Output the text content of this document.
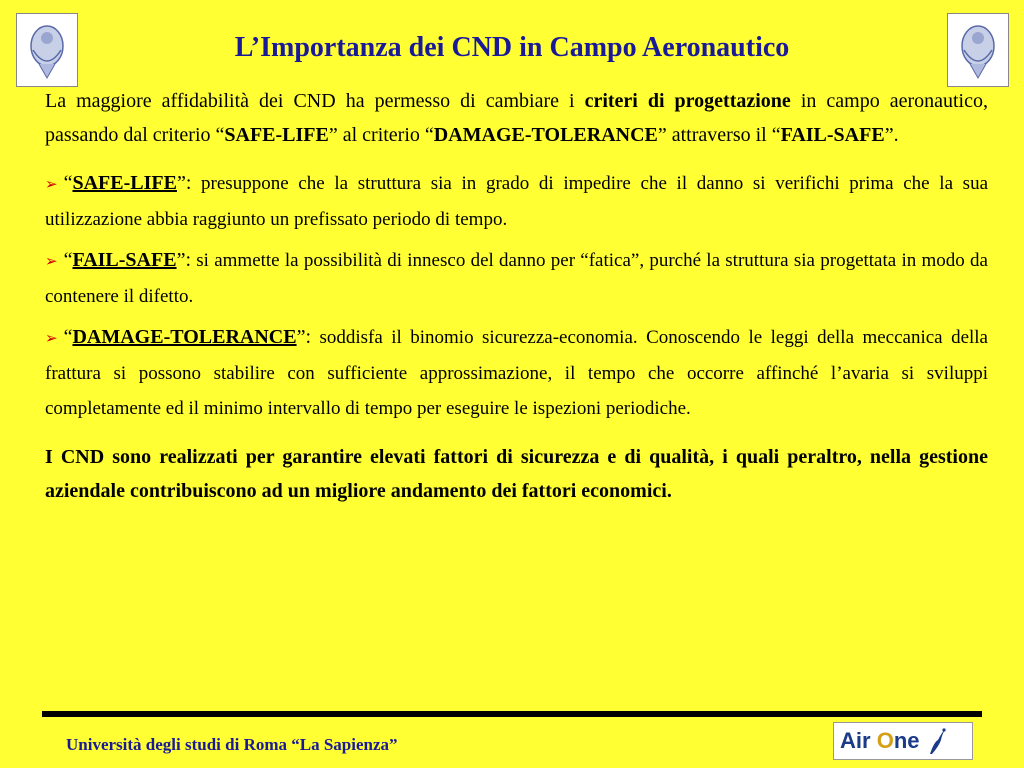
L’Importanza dei CND in Campo Aeronautico

La maggiore affidabilità dei CND ha permesso di cambiare i criteri di progettazione in campo aeronautico, passando dal criterio “SAFE-LIFE” al criterio “DAMAGE-TOLERANCE” attraverso il “FAIL-SAFE”.

➢ “SAFE-LIFE”: presuppone che la struttura sia in grado di impedire che il danno si verifichi prima che la sua utilizzazione abbia raggiunto un prefissato periodo di tempo.

➢ “FAIL-SAFE”: si ammette la possibilità di innesco del danno per “fatica”, purché la struttura sia progettata in modo da contenere il difetto.

➢ “DAMAGE-TOLERANCE”: soddisfa il binomio sicurezza-economia. Conoscendo le leggi della meccanica della frattura si possono stabilire con sufficiente approssimazione, il tempo che occorre affinché l’avaria si sviluppi completamente ed il minimo intervallo di tempo per eseguire le ispezioni periodiche.

I CND sono realizzati per garantire elevati fattori di sicurezza e di qualità, i quali peraltro, nella gestione aziendale contribuiscono ad un migliore andamento dei fattori economici.

Università degli studi di Roma “La Sapienza”	Air
O ne
